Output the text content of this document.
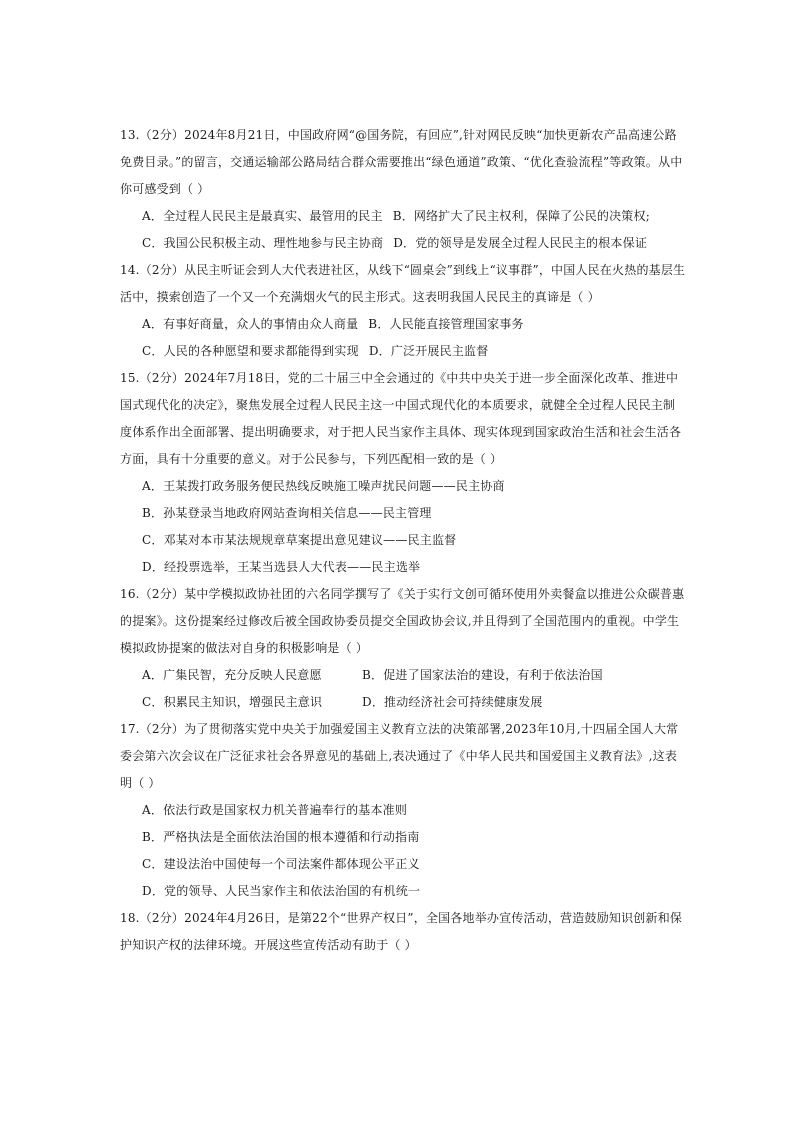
13.（2分）2024年8月21日，中国政府网“@国务院，有回应”,针对网民反映“加快更新农产品高速公路
免费目录。”的留言，交通运输部公路局结合群众需要推出“绿色通道”政策、“优化查验流程”等政策。从中
你可感受到（ ）
A．全过程人民民主是最真实、最管用的民主 B．网络扩大了民主权利，保障了公民的决策权;
C．我国公民积极主动、理性地参与民主协商 D．党的领导是发展全过程人民民主的根本保证
14.（2分）从民主听证会到人大代表进社区，从线下“圆桌会”到线上“议事群”，中国人民在火热的基层生
活中，摸索创造了一个又一个充满烟火气的民主形式。这表明我国人民民主的真谛是（ ）
A．有事好商量，众人的事情由众人商量 B．人民能直接管理国家事务
C．人民的各种愿望和要求都能得到实现 D．广泛开展民主监督
15.（2分）2024年7月18日，党的二十届三中全会通过的《中共中央关于进一步全面深化改革、推进中
国式现代化的决定》，聚焦发展全过程人民民主这一中国式现代化的本质要求，就健全全过程人民民主制
度体系作出全面部署、提出明确要求，对于把人民当家作主具体、现实体现到国家政治生活和社会生活各
方面，具有十分重要的意义。对于公民参与，下列匹配相一致的是（ ）
A．王某拨打政务服务便民热线反映施工噪声扰民问题——民主协商
B．孙某登录当地政府网站查询相关信息——民主管理
C．邓某对本市某法规规章草案提出意见建议——民主监督
D．经投票选举，王某当选县人大代表——民主选举
16.（2分）某中学模拟政协社团的六名同学撰写了《关于实行文创可循环使用外卖餐盒以推进公众碳普惠
的提案》。这份提案经过修改后被全国政协委员提交全国政协会议,并且得到了全国范围内的重视。中学生
模拟政协提案的做法对自身的积极影响是（ ）
A．广集民智，充分反映人民意愿	B．促进了国家法治的建设，有利于依法治国
C．积累民主知识，增强民主意识	D．推动经济社会可持续健康发展
17.（2分）为了贯彻落实党中央关于加强爱国主义教育立法的决策部署,2023年10月,十四届全国人大常
委会第六次会议在广泛征求社会各界意见的基础上,表决通过了《中华人民共和国爱国主义教育法》,这表
明（ ）
A．依法行政是国家权力机关普遍奉行的基本准则
B．严格执法是全面依法治国的根本遵循和行动指南
C．建设法治中国使每一个司法案件都体现公平正义
D．党的领导、人民当家作主和依法治国的有机统一
18.（2分）2024年4月26日，是第22个“世界产权日”，全国各地举办宣传活动，营造鼓励知识创新和保
护知识产权的法律环境。开展这些宣传活动有助于（ ）
